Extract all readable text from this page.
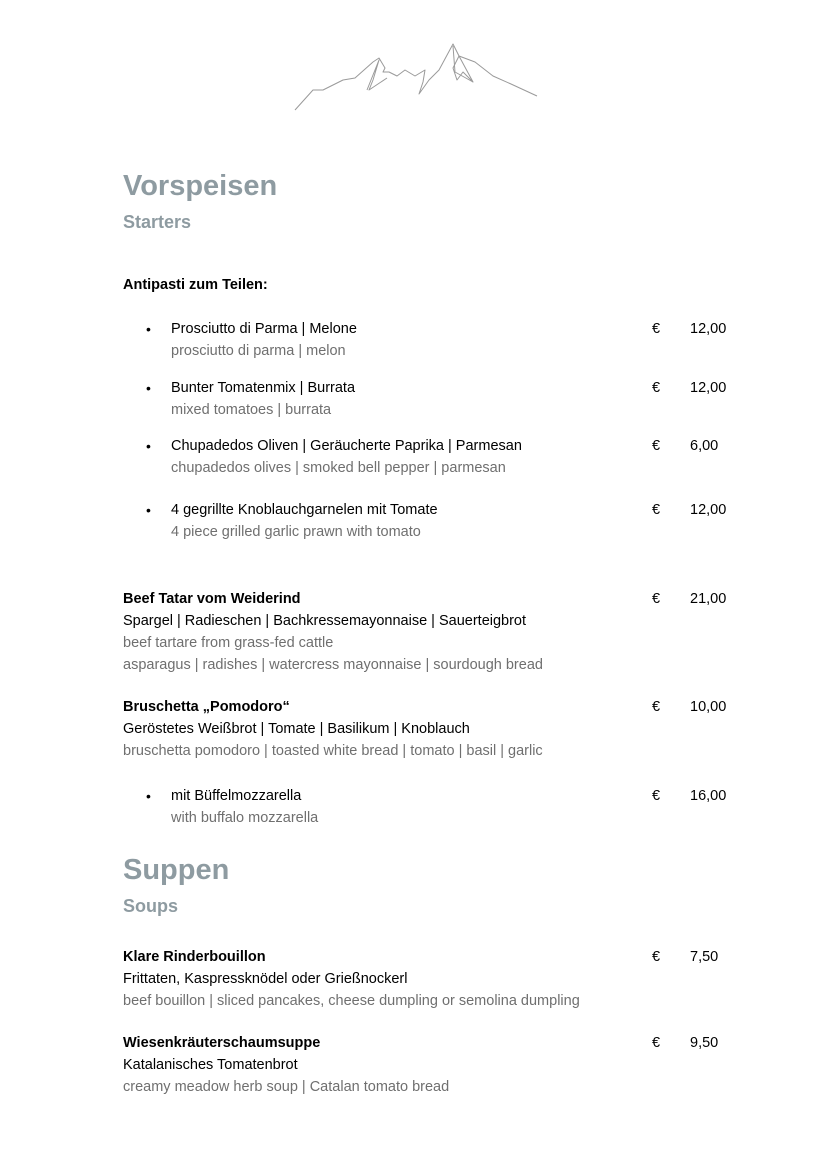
Vorspeisen
Starters
Antipasti zum Teilen:
• Prosciutto di Parma | Melone
prosciutto di parma | melon
€ 12,00
• Bunter Tomatenmix | Burrata
mixed tomatoes | burrata
€ 12,00
• Chupadedos Oliven | Geräucherte Paprika | Parmesan
chupadedos olives | smoked bell pepper | parmesan
€ 6,00
• 4 gegrillte Knoblauchgarnelen mit Tomate
4 piece grilled garlic prawn with tomato
€ 12,00
Beef Tatar vom Weiderind
Spargel | Radieschen | Bachkressemayonnaise | Sauerteigbrot
beef tartare from grass-fed cattle
asparagus | radishes | watercress mayonnaise | sourdough bread
€ 21,00
Bruschetta „Pomodoro“
Geröstetes Weißbrot | Tomate | Basilikum | Knoblauch
bruschetta pomodoro | toasted white bread | tomato | basil | garlic
€ 10,00
• mit Büffelmozzarella
with buffalo mozzarella
€ 16,00
Suppen
Soups
Klare Rinderbouillon
Frittaten, Kaspressknödel oder Grießnockerl
beef bouillon | sliced pancakes, cheese dumpling or semolina dumpling
€ 7,50
Wiesenkräuterschaumsuppe
Katalanisches Tomatenbrot
creamy meadow herb soup | Catalan tomato bread
€ 9,50
